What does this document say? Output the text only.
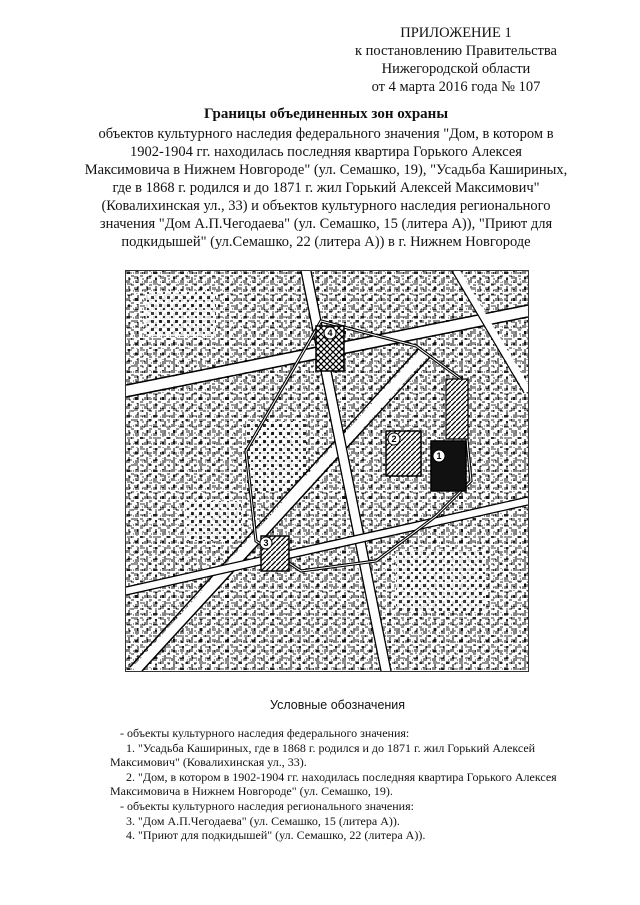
ПРИЛОЖЕНИЕ 1
к постановлению Правительства
Нижегородской области
от 4 марта 2016 года № 107
Границы объединенных зон охраны
объектов культурного наследия федерального значения "Дом, в котором в
1902-1904 гг. находилась последняя квартира Горького Алексея
Максимовича в Нижнем Новгороде" (ул. Семашко, 19), "Усадьба Кашириных,
где в 1868 г. родился и до 1871 г. жил Горький Алексей Максимович"
(Ковалихинская ул., 33) и объектов культурного наследия регионального
значения "Дом А.П.Чегодаева" (ул. Семашко, 15 (литера А)), "Приют для
подкидышей" (ул.Семашко, 22 (литера А)) в г. Нижнем Новгороде
1
2
3
4
Условные обозначения
- объекты культурного наследия федерального значения:
1. "Усадьба Кашириных, где в 1868 г. родился и до 1871 г. жил Горький Алексей
Максимович" (Ковалихинская ул., 33).
2. "Дом, в котором в 1902-1904 гг. находилась последняя квартира Горького Алексея
Максимовича в Нижнем Новгороде" (ул. Семашко, 19).
- объекты культурного наследия регионального значения:
3. "Дом А.П.Чегодаева" (ул. Семашко, 15 (литера А)).
4. "Приют для подкидышей" (ул. Семашко, 22 (литера А)).
